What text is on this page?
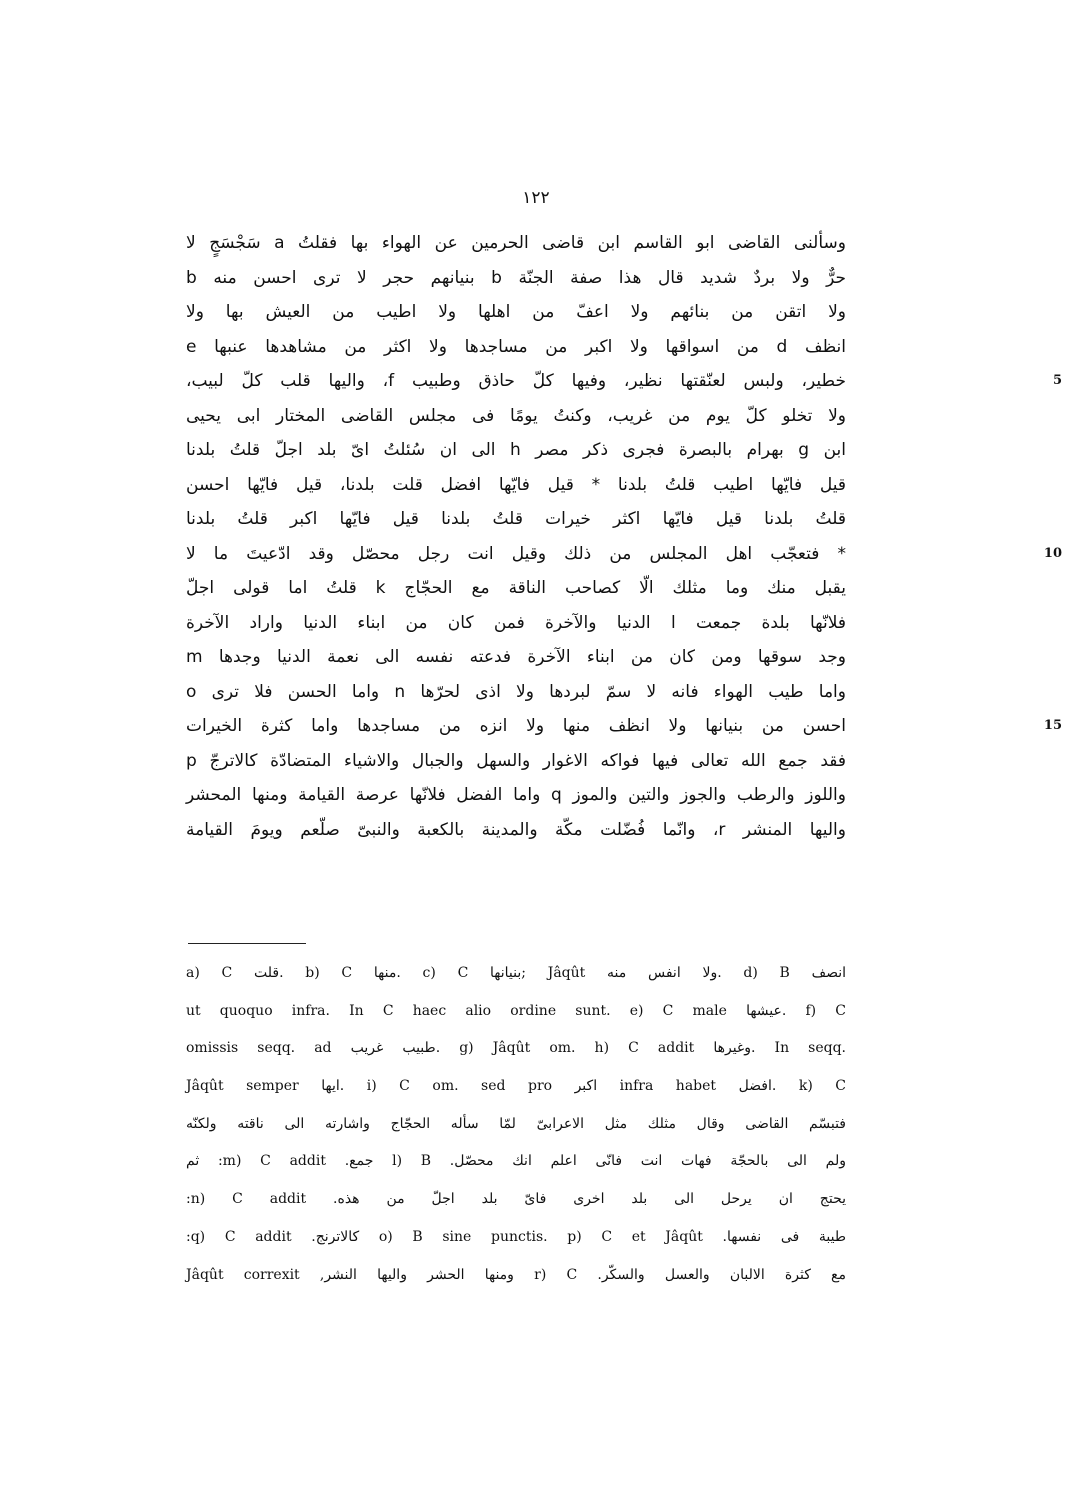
١٢٢
وسألنى القاضى ابو القاسم ابن قاضى الحرمين عن الهواء بها فقلتُ a سَجْسَجٍ لا
حرٌّ ولا بردٌ شديد قال هذا صفة الجنّة b بنيانهم حجر لا ترى احسن منه b
ولا اتقن من بنائهم ولا اعفّ من اهلها ولا اطيب من العيش بها ولا
انظف d من اسواقها ولا اكبر من مساجدها ولا اكثر من مشاهدها عنبها e
5
خطير، ولبس لعنّقتها نظير، وفيها كلّ حاذق وطبيب f، واليها قلب كلّ لبيب،
ولا تخلو كلّ يوم من غريب، وكنتُ يومًا فى مجلس القاضى المختار ابى يحيى
ابن g بهرام بالبصرة فجرى ذكر مصر h الى ان سُئلتُ اىّ بلد اجلّ قلتُ بلدنا
قيل فايّها اطيب قلتُ بلدنا * قيل فايّها افضل قلت بلدنا، قيل فايّها احسن
قلتُ بلدنا قيل فايّها اكثر خيرات قلتُ بلدنا قيل فايّها اكبر قلتُ بلدنا
10
* فتعجّب اهل المجلس من ذلك وقيل انت رجل محصّل وقد ادّعيتَ ما لا
يقبل منك وما مثلك الّا كصاحب الناقة مع الحجّاج k قلتُ اما قولى اجلّ
فلانّها بلدة جمعت l الدنيا والآخرة فمن كان من ابناء الدنيا واراد الآخرة
وجد سوقها ومن كان من ابناء الآخرة فدعته نفسه الى نعمة الدنيا وجدها m
واما طيب الهواء فانه لا سمّ لبردها ولا اذى لحرّها n واما الحسن فلا ترى o
15
احسن من بنيانها ولا انظف منها ولا انزه من مساجدها واما كثرة الخيرات
فقد جمع الله تعالى فيها فواكه الاغوار والسهل والجبال والاشياء المتضادّة كالاترجّ p
واللوز والرطب والجوز والتين والموز q واما الفضل فلانّها عرصة القيامة ومنها المحشر
واليها المنشر r، وانّما فُضّلت مكّة والمدينة بالكعبة والنبىّ صلّعم ويومَ القيامة
a) C قلت. b) C منها. c) C بنيانها; Jâqût ولا انفس منه. d) B انصف
ut quoquo infra. In C haec alio ordine sunt. e) C male عيشها. f) C
omissis seqq. ad طبيب غريب. g) Jâqût om. h) C addit وغيرها. In seqq.
Jâqût semper ايها. i) C om. sed pro اكبر infra habet افضل. k) C
فتبسّم القاضى وقال مثلك مثل الاعرابىّ لمّا سأله الحجّاج واشارته الى ناقته ولكنّه
ولم الى بالحجّة فهات انت فانّى اعلم انك محصّل. l) B جمع. m) C addit: ثم
يحتج ان يرحل الى بلد اخرى فاىّ بلد اجلّ من هذه. n) C addit:
طيبة فى نفسها. o) B sine punctis. p) C et Jâqût كالاترنج. q) C addit:
مع كثرة الالبان والعسل والسكّر. r) C ومنها الحشر واليها النشر, Jâqût correxit
